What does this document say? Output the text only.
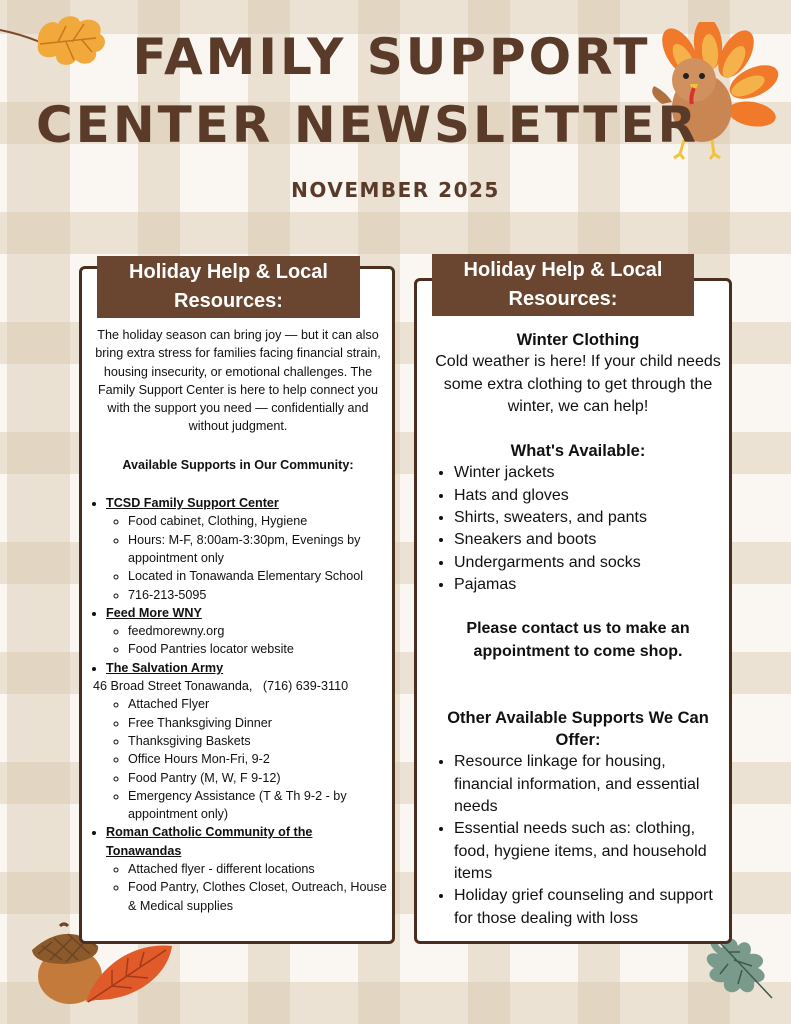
FAMILY SUPPORT
CENTER NEWSLETTER
NOVEMBER 2025
Holiday Help & Local
Resources:
Holiday Help & Local
Resources:

The holiday season can bring joy — but it can also bring extra stress for families facing financial strain, housing insecurity, or emotional challenges. The Family Support Center is here to help connect you with the support you need — confidentially and without judgment.

Available Supports in Our Community:
• TCSD Family Support Center
◦ Food cabinet, Clothing, Hygiene
◦ Hours: M-F, 8:00am-3:30pm, Evenings by appointment only
◦ Located in Tonawanda Elementary School
◦ 716-213-5095
• Feed More WNY
◦ feedmorewny.org
◦ Food Pantries locator website
• The Salvation Army
46 Broad Street Tonawanda,   (716) 639-3110
◦ Attached Flyer
◦ Free Thanksgiving Dinner
◦ Thanksgiving Baskets
◦ Office Hours Mon-Fri, 9-2
◦ Food Pantry (M, W, F 9-12)
◦ Emergency Assistance (T & Th 9-2 - by appointment only)
• Roman Catholic Community of the Tonawandas
◦ Attached flyer - different locations
◦ Food Pantry, Clothes Closet, Outreach, House & Medical supplies

Winter Clothing

Cold weather is here! If your child needs some extra clothing to get through the winter, we can help!

What's Available:

• Winter jackets
• Hats and gloves
• Shirts, sweaters, and pants
• Sneakers and boots
• Undergarments and socks
• Pajamas

Please contact us to make an appointment to come shop.

Other Available Supports We Can Offer:

• Resource linkage for housing, financial information, and essential needs
• Essential needs such as: clothing, food, hygiene items, and household items
• Holiday grief counseling and support for those dealing with loss
